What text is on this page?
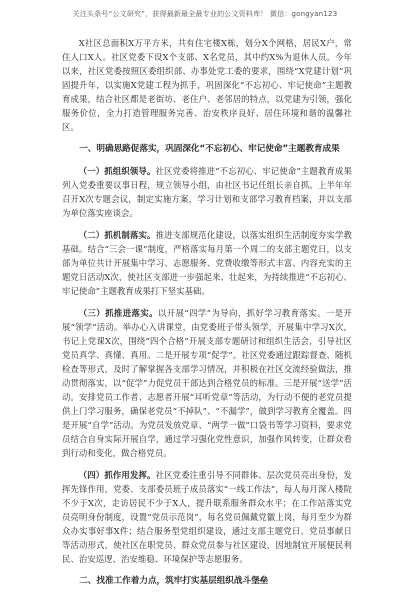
关注头条号“公文研究”，获得最新最全最专业的公文资料库！ 微信：gongyan123

X社区总面积X万平方米，共有住宅楼X栋，划分X个网格，居民X户，常住人口X人。社区党委下设X个支部、X名党员，其中约X%为退休人员。今年以来，社区党委按照区委组织部、办事处党工委的要求，围绕“X党建计划”巩固提升年，以实施X党建工程为抓手，巩固深化“不忘初心、牢记使命”主题教育成果，结合社区都是老街坊、老住户、老邻居的特点，以党建为引领，强化服务价位，全力打造管理服务完善、治安秩序良好、居住环境和谐的温馨社区。

一、明确思路促落实，巩固深化“不忘初心、牢记使命”主题教育成果

（一）抓组织领导。社区党委将推进“不忘初心、牢记使命”主题教育成果列入党委重要议事日程，规立领导小组，由社区书记任组长亲自抓。上半年年召开X次专题会议，制定实施方案，学习计划和支部学习教育档案，并以支部为单位落实座谈会。

（二）抓机制落实。推进支部规范化建设，以落实组织生活制度夯实学教基础。结合“三会一课”制度，严格落实每月第一个周二的支部主题党日，以支部为单位共计开展集中学习、志愿服务、党费收缴等形式丰富、内容充实的主题党日活动X次，使社区支部进一步强起来、壮起来，为持续推进“不忘初心、牢记使命”主题教育成果打下坚实基础。

（三）抓推进落实。以开展“四学”为导向，抓好学习教育落实。一是开展“领学”活动。举办心入讲课堂，由党委班子带头领学，开展集中学习X次，书记上党课X次，围绕“四个合格”开展支部专题研讨和组织生活会，引导社区党员真学、真懂、真用。二是开展专项“促学”。社区党委通过跟踪督查、随机检查等形式，及时了解掌握各支部学习情况，并积极在社区交流经验做法，推动贯彻落实，以“促学”力促党员干部达到合格党员的标准。三是开展“送学”活动。安排党员工作者、志愿者开展“耳听党章”等活动，为行动不便的老党员提供上门学习服务，确保老党员“不掉队”、“不漏学”，做到学习教育全覆盖。四是开展“自学”活动。为党员发放党章、“两学一做”口袋书等学习资料，要求党员结合自身实际开展自学，通过学习强化党性意识，加强作风转变，让群众看到行动和变化，做合格党员。

（四）抓作用发挥。社区党委注重引导不同群体、层次党员亮出身份，发挥先锋作用，党委、支部委员班子成员落实“一线工作法”，每人每月深入楼院不少于X次，走访居民不少于X人，提升联系服务群众水平；在工作站落实党员亮明身份制度，设置“党员示范岗”，每名党员佩戴党徽上岗，每月至少为群众办实事好事X件；结合服务型党组织建设，通过支部主题党日、党员事献日等活动形式，使社区在职党员、群众党员参与社区建设，因地制宜开展便民利民、治安巡逻、治安维稳、环境保护等志愿服务。

二、找准工作着力点，筑牢打实基层组织战斗堡垒
